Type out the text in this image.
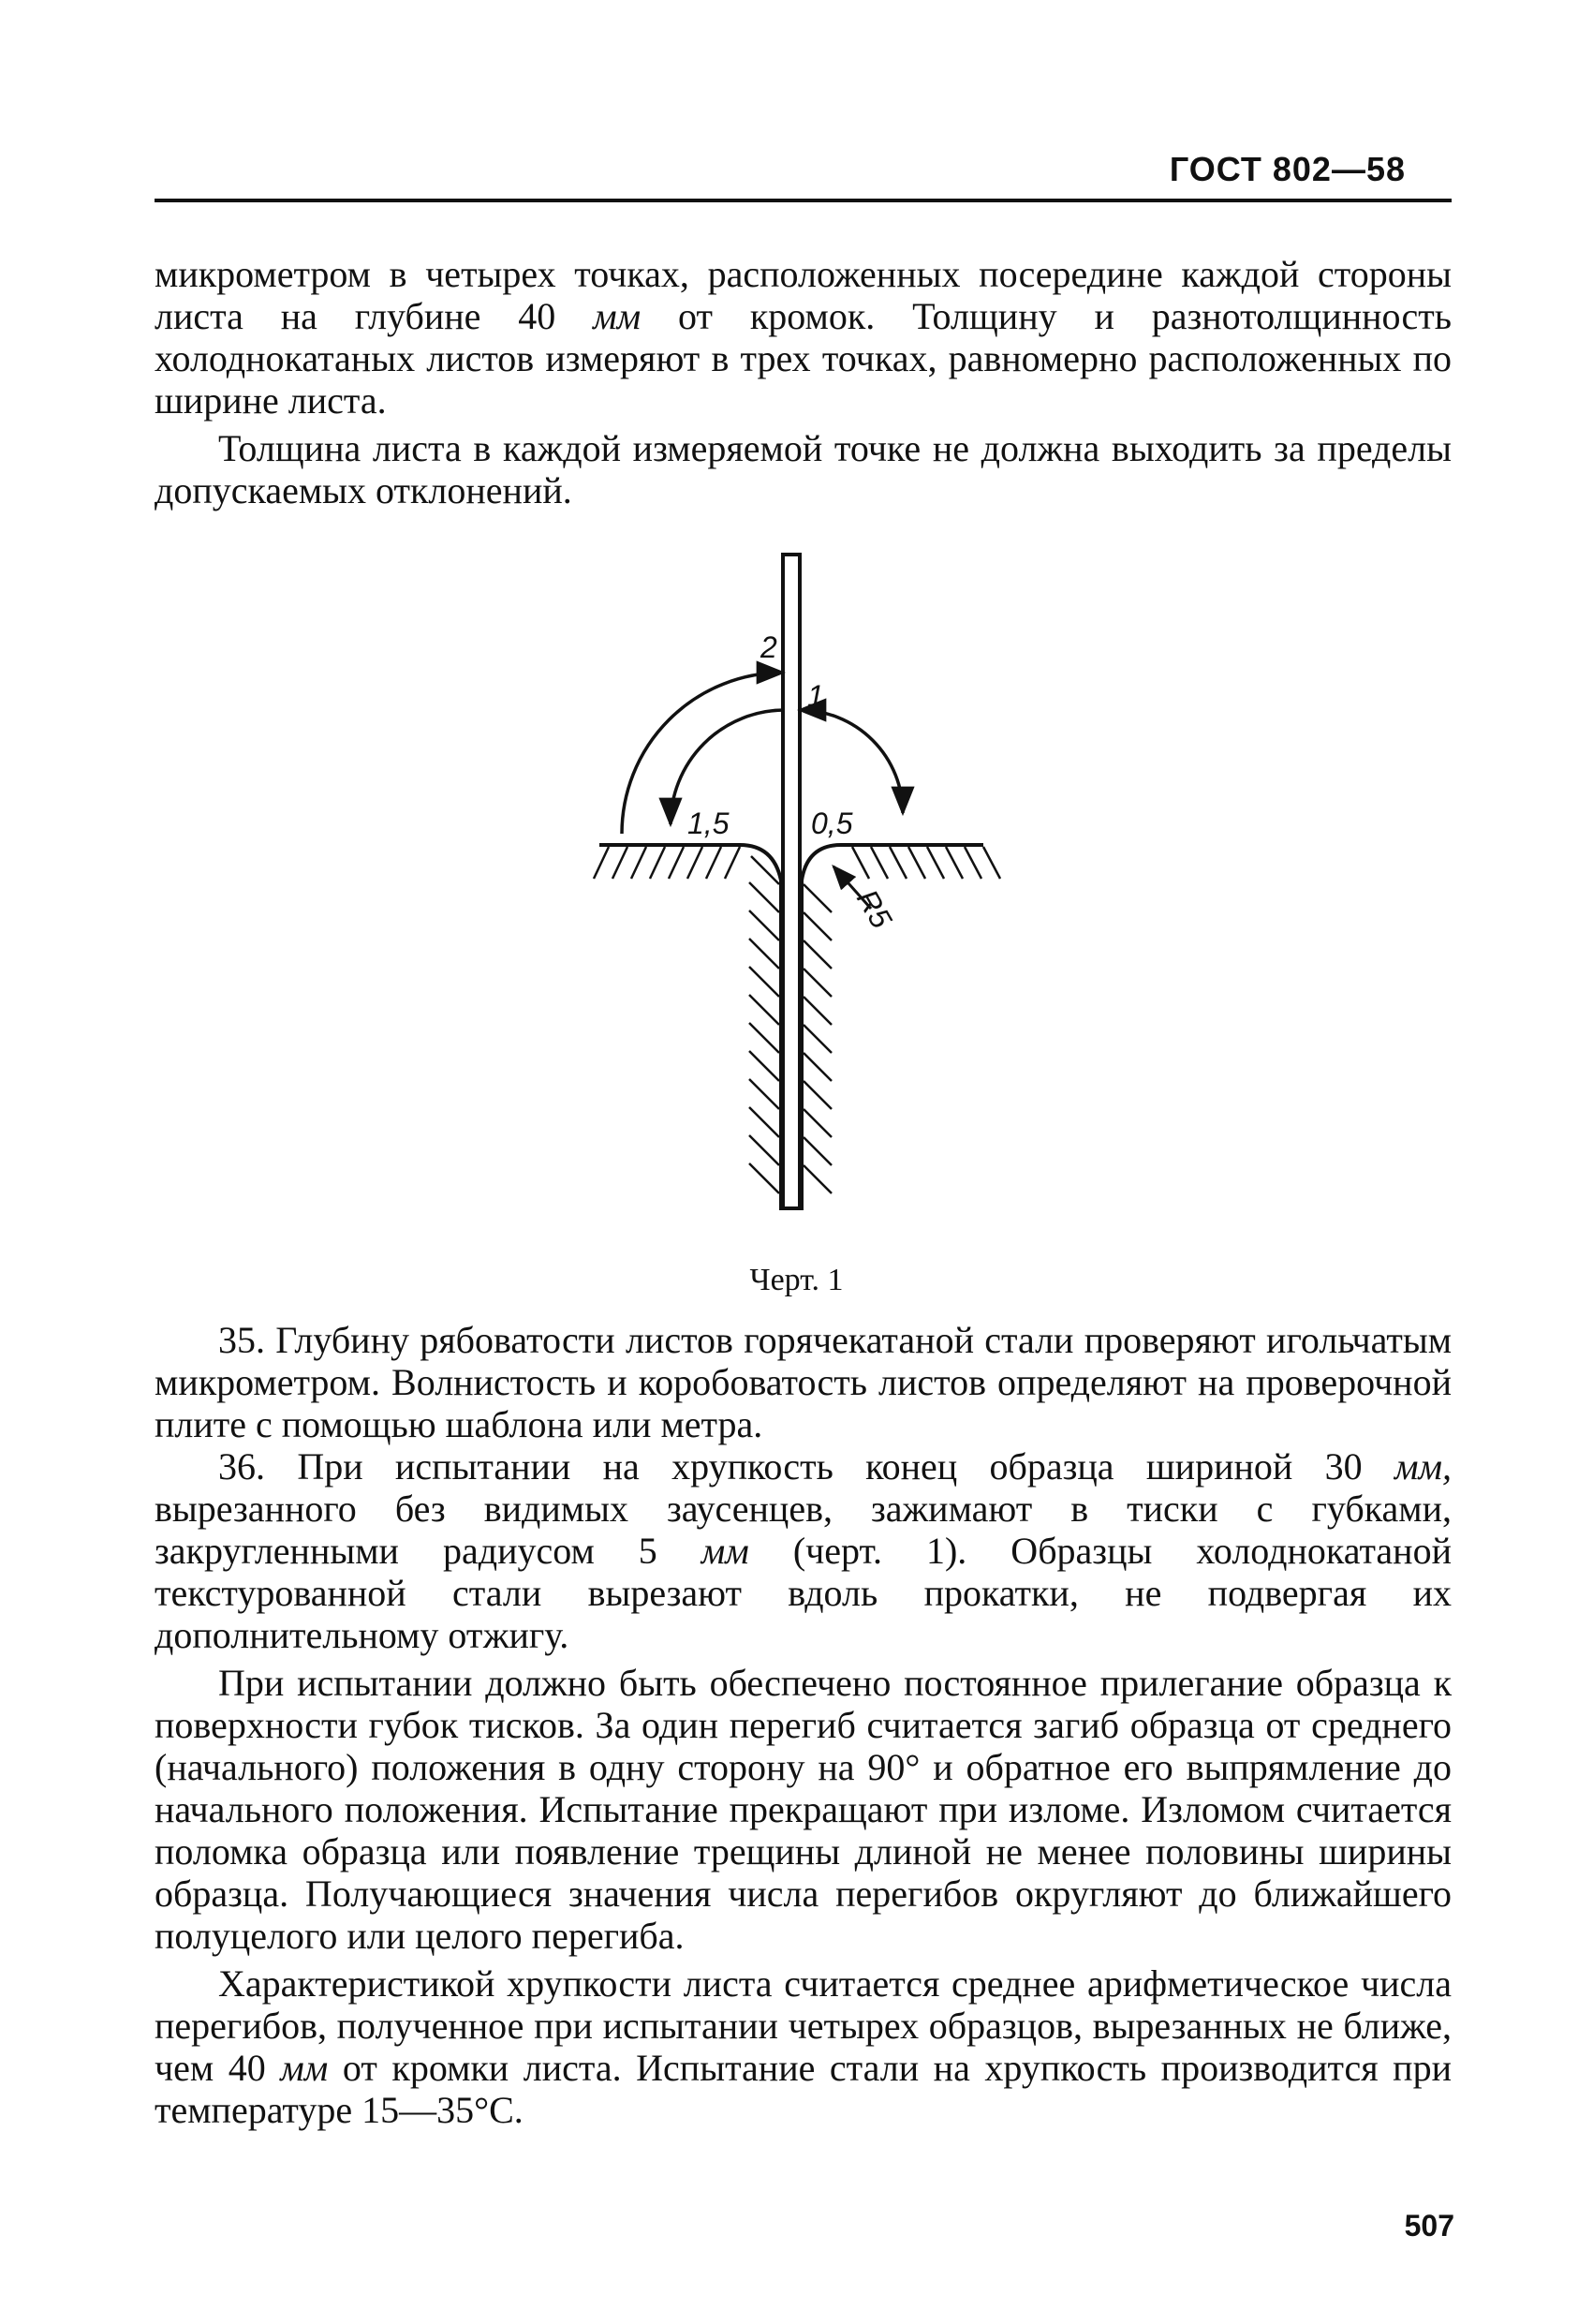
ГОСТ 802—58

микрометром в четырех точках, расположенных посередине каждой стороны листа на глубине 40 мм от кромок. Толщину и разнотолщинность холоднокатаных листов измеряют в трех точках, равномерно расположенных по ширине листа.

Толщина листа в каждой измеряемой точке не должна выходить за пределы допускаемых отклонений.

2
1
1,5	0,5
R5
Черт. 1

35. Глубину рябоватости листов горячекатаной стали проверяют игольчатым микрометром. Волнистость и коробоватость листов определяют на проверочной плите с помощью шаблона или метра.

36. При испытании на хрупкость конец образца шириной 30 мм, вырезанного без видимых заусенцев, зажимают в тиски с губками, закругленными радиусом 5 мм (черт. 1). Образцы холоднокатаной текстурованной стали вырезают вдоль прокатки, не подвергая их дополнительному отжигу.

При испытании должно быть обеспечено постоянное прилегание образца к поверхности губок тисков. За один перегиб считается загиб образца от среднего (начального) положения в одну сторону на 90° и обратное его выпрямление до начального положения. Испытание прекращают при изломе. Изломом считается поломка образца или появление трещины длиной не менее половины ширины образца. Получающиеся значения числа перегибов округляют до ближайшего полуцелого или целого перегиба.

Характеристикой хрупкости листа считается среднее арифметическое числа перегибов, полученное при испытании четырех образцов, вырезанных не ближе, чем 40 мм от кромки листа. Испытание стали на хрупкость производится при температуре 15—35°С.

507
